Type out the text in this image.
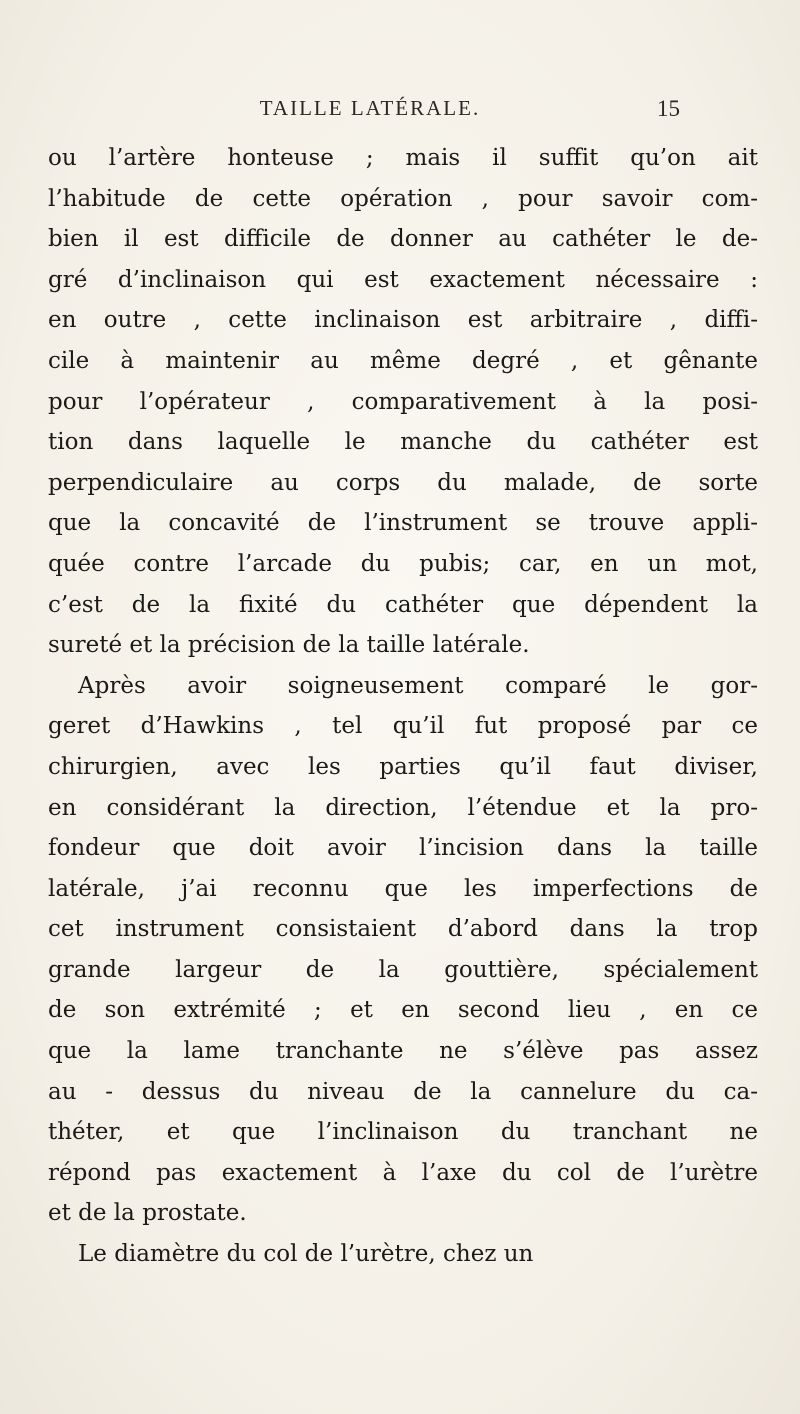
TAILLE LATÉRALE.	15
ou l’artère honteuse ; mais il suffit qu’on ait
l’habitude de cette opération , pour savoir com-
bien il est difficile de donner au cathéter le de-
gré d’inclinaison qui est exactement nécessaire :
en outre , cette inclinaison est arbitraire , diffi-
cile à maintenir au même degré , et gênante
pour l’opérateur , comparativement à la posi-
tion dans laquelle le manche du cathéter est
perpendiculaire au corps du malade, de sorte
que la concavité de l’instrument se trouve appli-
quée contre l’arcade du pubis; car, en un mot,
c’est de la fixité du cathéter que dépendent la
sureté et la précision de la taille latérale.
Après avoir soigneusement comparé le gor-
geret d’Hawkins , tel qu’il fut proposé par ce
chirurgien, avec les parties qu’il faut diviser,
en considérant la direction, l’étendue et la pro-
fondeur que doit avoir l’incision dans la taille
latérale, j’ai reconnu que les imperfections de
cet instrument consistaient d’abord dans la trop
grande largeur de la gouttière, spécialement
de son extrémité ; et en second lieu , en ce
que la lame tranchante ne s’élève pas assez
au - dessus du niveau de la cannelure du ca-
théter, et que l’inclinaison du tranchant ne
répond pas exactement à l’axe du col de l’urètre
et de la prostate.
Le diamètre du col de l’urètre, chez un
